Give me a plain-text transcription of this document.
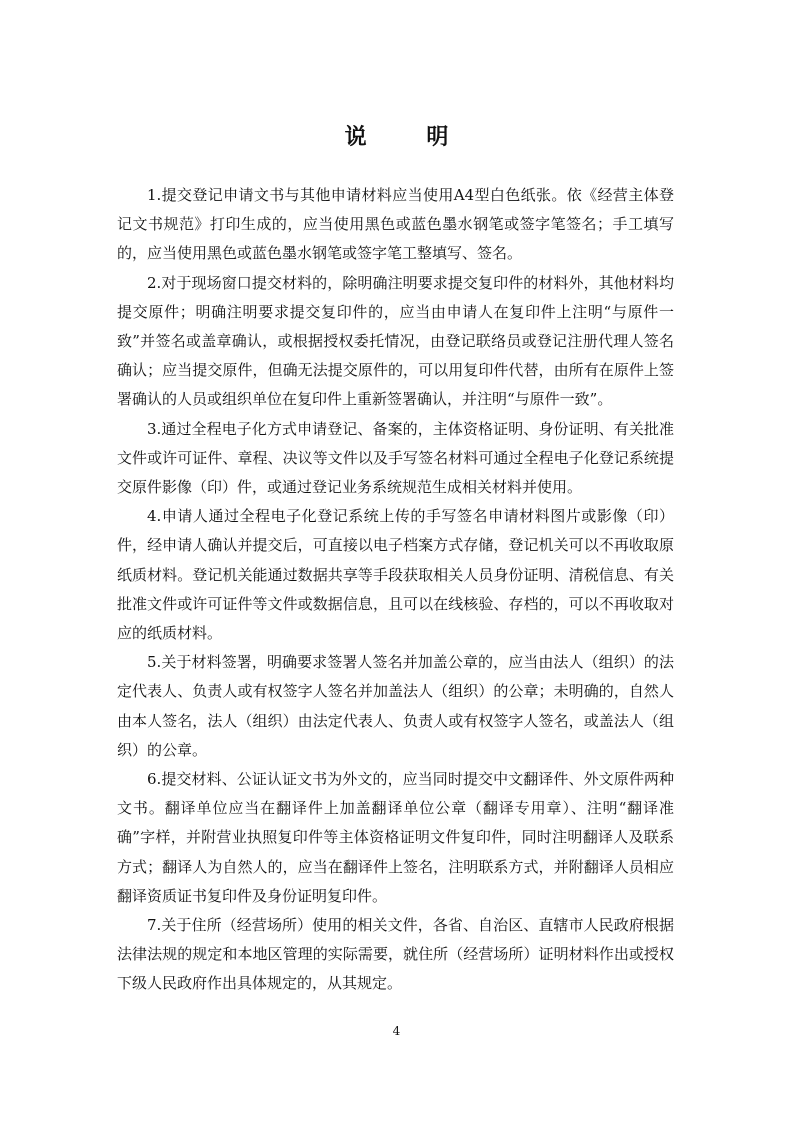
说 明

1.提交登记申请文书与其他申请材料应当使用A4型白色纸张。依《经营主体登记文书规范》打印生成的，应当使用黑色或蓝色墨水钢笔或签字笔签名；手工填写的，应当使用黑色或蓝色墨水钢笔或签字笔工整填写、签名。

2.对于现场窗口提交材料的，除明确注明要求提交复印件的材料外，其他材料均提交原件；明确注明要求提交复印件的，应当由申请人在复印件上注明“与原件一致”并签名或盖章确认，或根据授权委托情况，由登记联络员或登记注册代理人签名确认；应当提交原件，但确无法提交原件的，可以用复印件代替，由所有在原件上签署确认的人员或组织单位在复印件上重新签署确认，并注明“与原件一致”。

3.通过全程电子化方式申请登记、备案的，主体资格证明、身份证明、有关批准文件或许可证件、章程、决议等文件以及手写签名材料可通过全程电子化登记系统提交原件影像（印）件，或通过登记业务系统规范生成相关材料并使用。

4.申请人通过全程电子化登记系统上传的手写签名申请材料图片或影像（印）件，经申请人确认并提交后，可直接以电子档案方式存储，登记机关可以不再收取原纸质材料。登记机关能通过数据共享等手段获取相关人员身份证明、清税信息、有关批准文件或许可证件等文件或数据信息，且可以在线核验、存档的，可以不再收取对应的纸质材料。

5.关于材料签署，明确要求签署人签名并加盖公章的，应当由法人（组织）的法定代表人、负责人或有权签字人签名并加盖法人（组织）的公章；未明确的，自然人由本人签名，法人（组织）由法定代表人、负责人或有权签字人签名，或盖法人（组织）的公章。

6.提交材料、公证认证文书为外文的，应当同时提交中文翻译件、外文原件两种文书。翻译单位应当在翻译件上加盖翻译单位公章（翻译专用章）、注明“翻译准确”字样，并附营业执照复印件等主体资格证明文件复印件，同时注明翻译人及联系方式；翻译人为自然人的，应当在翻译件上签名，注明联系方式，并附翻译人员相应翻译资质证书复印件及身份证明复印件。

7.关于住所（经营场所）使用的相关文件，各省、自治区、直辖市人民政府根据法律法规的规定和本地区管理的实际需要，就住所（经营场所）证明材料作出或授权下级人民政府作出具体规定的，从其规定。

4
